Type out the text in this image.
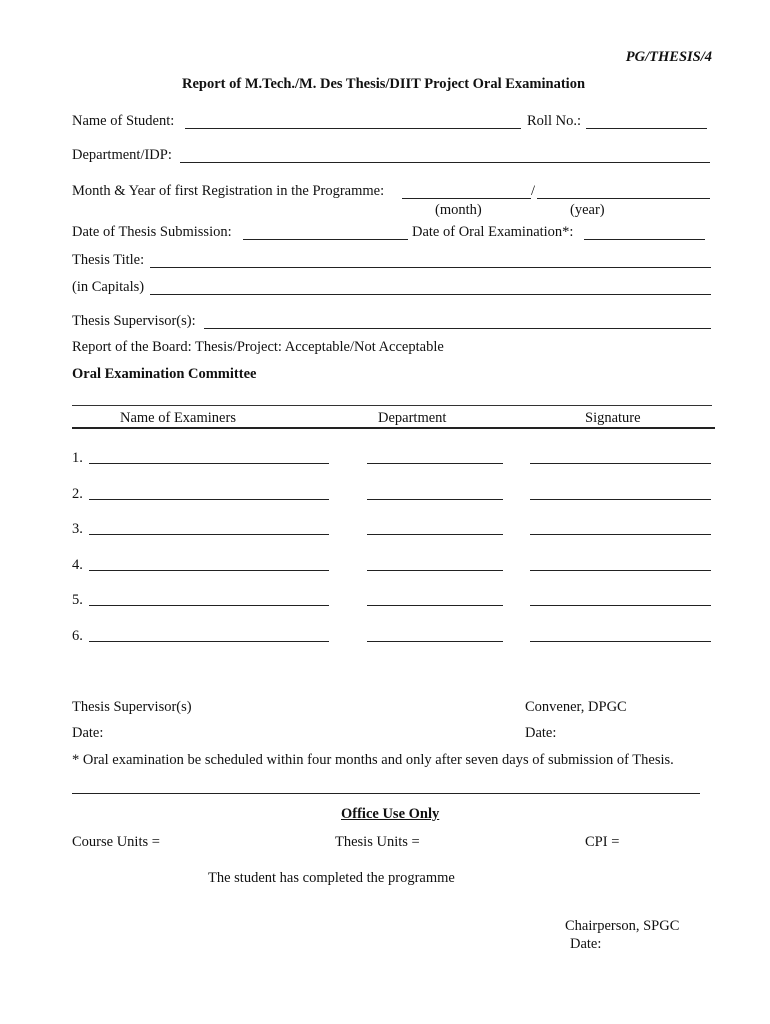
PG/THESIS/4
Report of M.Tech./M. Des Thesis/DIIT Project Oral Examination
Name of Student:	Roll No.:
Department/IDP:
Month & Year of first Registration in the Programme:	/
(month)	(year)
Date of Thesis Submission:	Date of Oral Examination*:
Thesis Title:
(in Capitals)
Thesis Supervisor(s):
Report of the Board: Thesis/Project: Acceptable/Not Acceptable
Oral Examination Committee
Name of Examiners	Department	Signature
1.
2.
3.
4.
5.
6.
Thesis Supervisor(s)	Convener, DPGC
Date:	Date:
* Oral examination be scheduled within four months and only after seven days of submission of Thesis.
Office Use Only
Course Units =	Thesis Units =	CPI =
The student has completed the programme
Chairperson, SPGC
Date:
